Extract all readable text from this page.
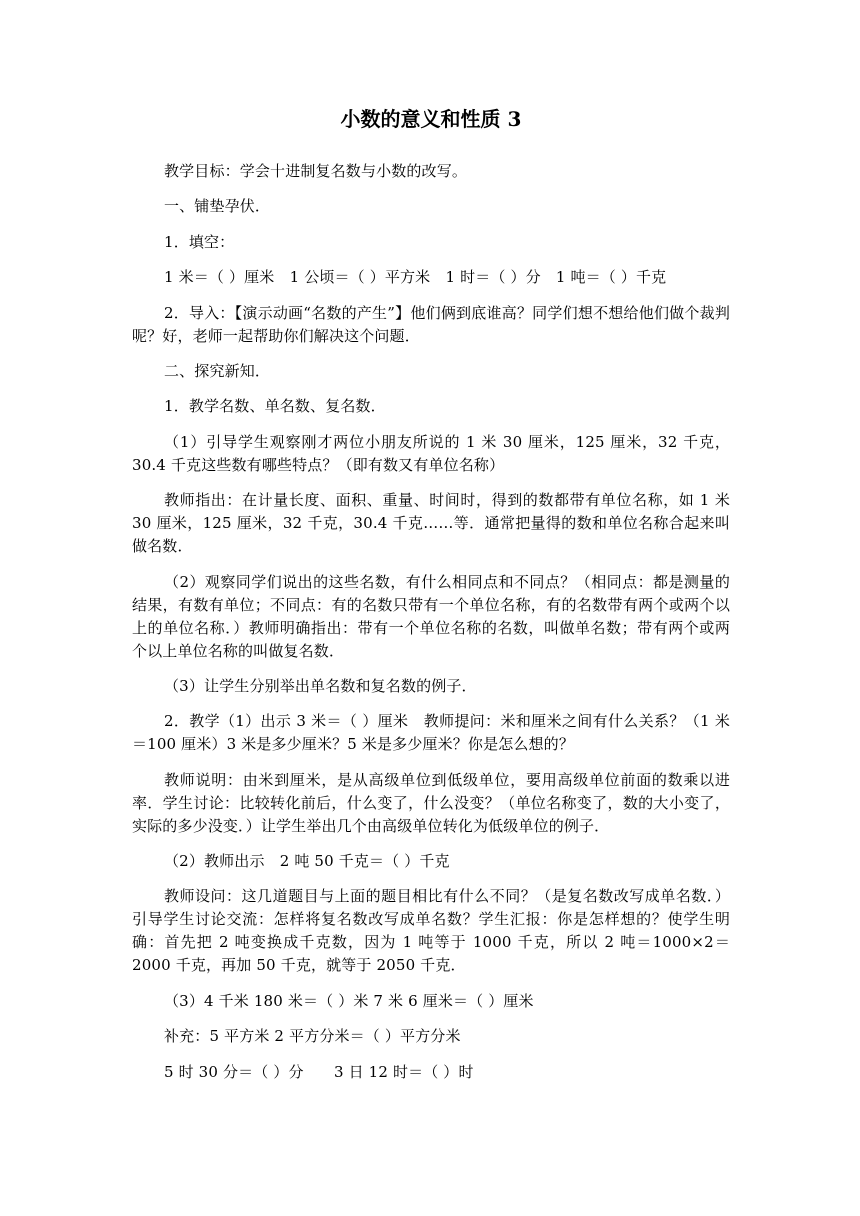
小数的意义和性质 3

教学目标：学会十进制复名数与小数的改写。

一、铺垫孕伏．

1．填空：

1 米＝（ ）厘米　1 公顷＝（ ）平方米　1 时＝（ ）分　1 吨＝（ ）千克

2．导入：【演示动画“名数的产生”】他们俩到底谁高？同学们想不想给他们做个裁判呢？好，老师一起帮助你们解决这个问题．

二、探究新知．

1．教学名数、单名数、复名数．

（1）引导学生观察刚才两位小朋友所说的 1 米 30 厘米，125 厘米，32 千克，30.4 千克这些数有哪些特点？（即有数又有单位名称）

教师指出：在计量长度、面积、重量、时间时，得到的数都带有单位名称，如 1 米 30 厘米，125 厘米，32 千克，30.4 千克……等．通常把量得的数和单位名称合起来叫做名数．

（2）观察同学们说出的这些名数，有什么相同点和不同点？（相同点：都是测量的结果，有数有单位；不同点：有的名数只带有一个单位名称，有的名数带有两个或两个以上的单位名称．）教师明确指出：带有一个单位名称的名数，叫做单名数；带有两个或两个以上单位名称的叫做复名数．

（3）让学生分别举出单名数和复名数的例子．

2．教学（1）出示 3 米＝（ ）厘米　教师提问：米和厘米之间有什么关系？（1 米＝100 厘米）3 米是多少厘米？5 米是多少厘米？你是怎么想的？

教师说明：由米到厘米，是从高级单位到低级单位，要用高级单位前面的数乘以进率．学生讨论：比较转化前后，什么变了，什么没变？（单位名称变了，数的大小变了，实际的多少没变．）让学生举出几个由高级单位转化为低级单位的例子．

（2）教师出示　2 吨 50 千克＝（ ）千克

教师设问：这几道题目与上面的题目相比有什么不同？（是复名数改写成单名数．）引导学生讨论交流：怎样将复名数改写成单名数？学生汇报：你是怎样想的？使学生明确：首先把 2 吨变换成千克数，因为 1 吨等于 1000 千克，所以 2 吨＝1000×2＝2000 千克，再加 50 千克，就等于 2050 千克．

（3）4 千米 180 米＝（ ）米 7 米 6 厘米＝（ ）厘米

补充：5 平方米 2 平方分米＝（ ）平方分米

5 时 30 分＝（ ）分　　3 日 12 时＝（ ）时
